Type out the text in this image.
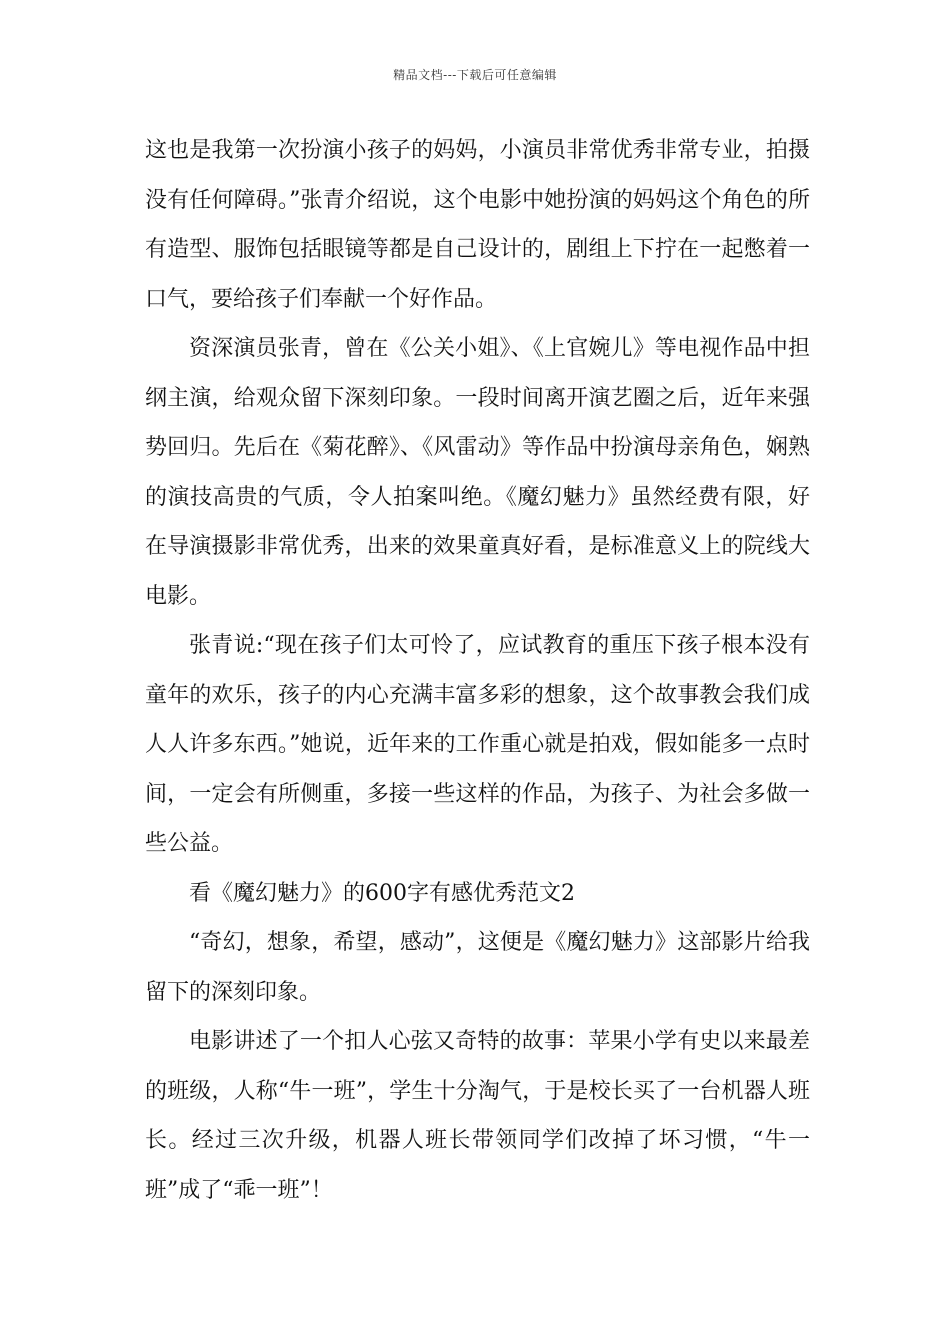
精品文档---下载后可任意编辑

这也是我第一次扮演小孩子的妈妈，小演员非常优秀非常专业，拍摄没有任何障碍。”张青介绍说，这个电影中她扮演的妈妈这个角色的所有造型、服饰包括眼镜等都是自己设计的，剧组上下拧在一起憋着一口气，要给孩子们奉献一个好作品。

资深演员张青，曾在《公关小姐》、《上官婉儿》等电视作品中担纲主演，给观众留下深刻印象。一段时间离开演艺圈之后，近年来强势回归。先后在《菊花醉》、《风雷动》等作品中扮演母亲角色，娴熟的演技高贵的气质，令人拍案叫绝。《魔幻魅力》虽然经费有限，好在导演摄影非常优秀，出来的效果童真好看，是标准意义上的院线大电影。

张青说:“现在孩子们太可怜了，应试教育的重压下孩子根本没有童年的欢乐，孩子的内心充满丰富多彩的想象，这个故事教会我们成人人许多东西。”她说，近年来的工作重心就是拍戏，假如能多一点时间，一定会有所侧重，多接一些这样的作品，为孩子、为社会多做一些公益。

看《魔幻魅力》的600字有感优秀范文2

“奇幻，想象，希望，感动”，这便是《魔幻魅力》这部影片给我留下的深刻印象。

电影讲述了一个扣人心弦又奇特的故事：苹果小学有史以来最差的班级，人称“牛一班”，学生十分淘气，于是校长买了一台机器人班长。经过三次升级，机器人班长带领同学们改掉了坏习惯，“牛一班”成了“乖一班”！
